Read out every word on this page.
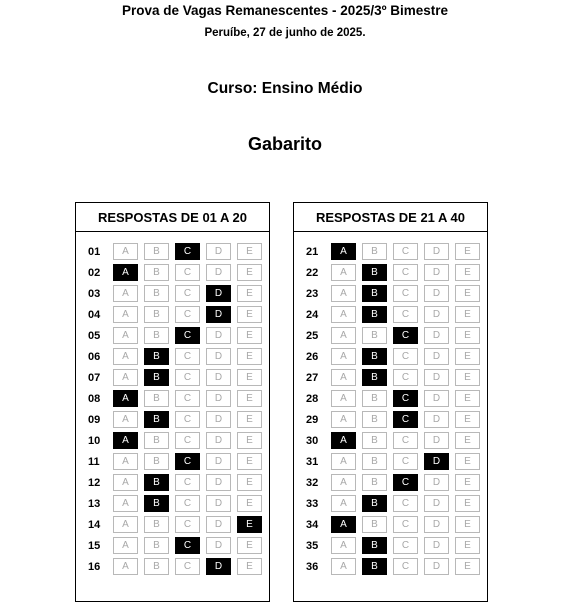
Prova de Vagas Remanescentes - 2025/3º Bimestre
Peruíbe, 27 de junho de 2025.
Curso: Ensino Médio
Gabarito
RESPOSTAS DE 01 A 20
01	A	B	C	D	E
02	A	B	C	D	E
03	A	B	C	D	E
04	A	B	C	D	E
05	A	B	C	D	E
06	A	B	C	D	E
07	A	B	C	D	E
08	A	B	C	D	E
09	A	B	C	D	E
10	A	B	C	D	E
11	A	B	C	D	E
12	A	B	C	D	E
13	A	B	C	D	E
14	A	B	C	D	E
15	A	B	C	D	E
16	A	B	C	D	E
RESPOSTAS DE 21 A 40
21	A	B	C	D	E
22	A	B	C	D	E
23	A	B	C	D	E
24	A	B	C	D	E
25	A	B	C	D	E
26	A	B	C	D	E
27	A	B	C	D	E
28	A	B	C	D	E
29	A	B	C	D	E
30	A	B	C	D	E
31	A	B	C	D	E
32	A	B	C	D	E
33	A	B	C	D	E
34	A	B	C	D	E
35	A	B	C	D	E
36	A	B	C	D	E
